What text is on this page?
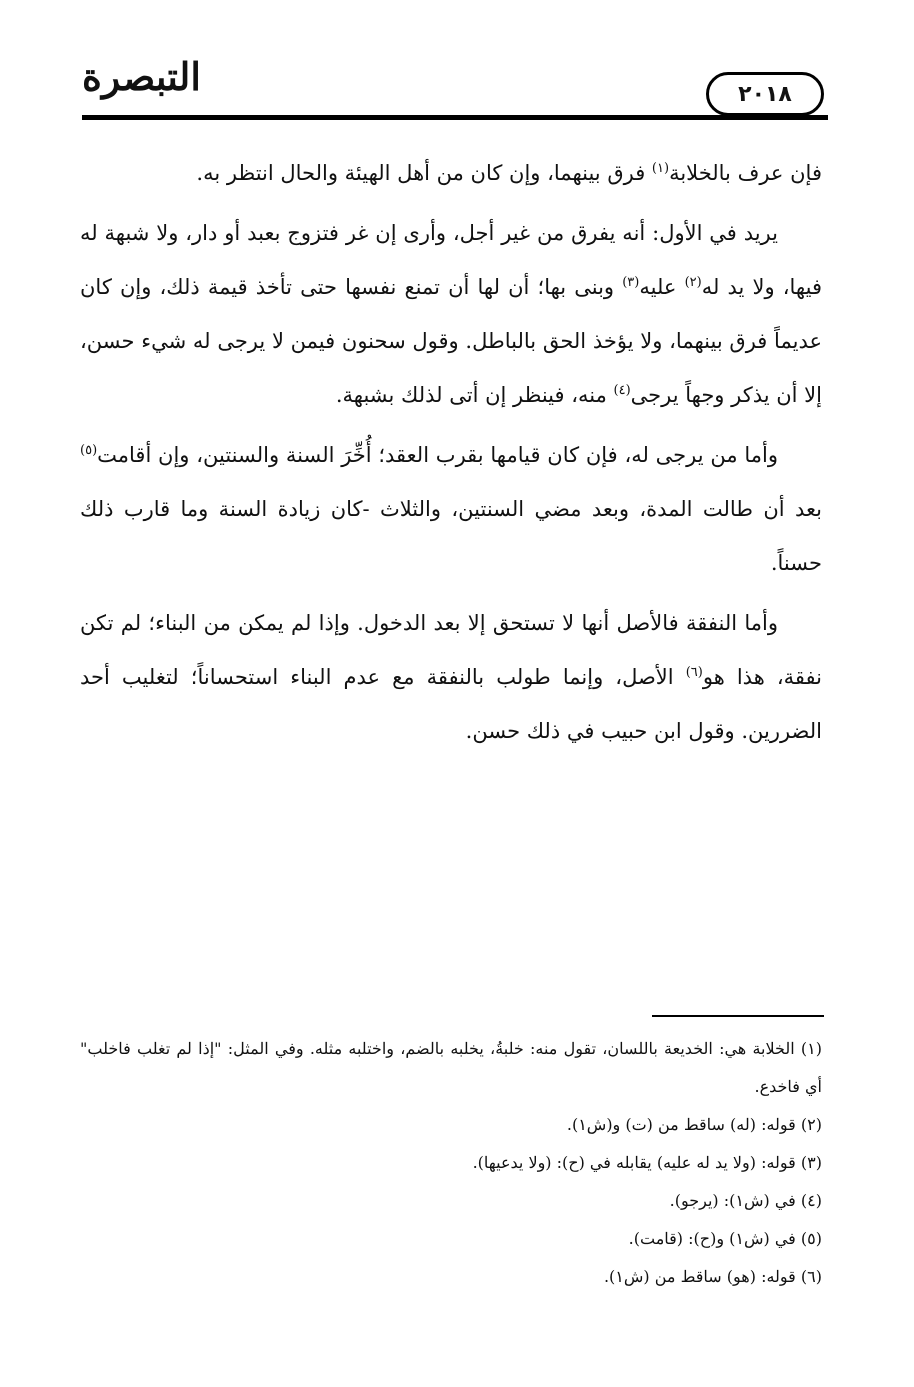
التبصرة	٢٠١٨

فإن عرف بالخلابة$^{(١)}$ فرق بينهما، وإن كان من أهل الهيئة والحال انتظر به.

يريد في الأول: أنه يفرق من غير أجل، وأرى إن غر فتزوج بعبد أو دار، ولا شبهة له فيها، ولا يد له$^{(٢)}$ عليه$^{(٣)}$ وبنى بها؛ أن لها أن تمنع نفسها حتى تأخذ قيمة ذلك، وإن كان عديماً فرق بينهما، ولا يؤخذ الحق بالباطل. وقول سحنون فيمن لا يرجى له شيء حسن، إلا أن يذكر وجهاً يرجى$^{(٤)}$ منه، فينظر إن أتى لذلك بشبهة.

وأما من يرجى له، فإن كان قيامها بقرب العقد؛ أُخِّرَ السنة والسنتين، وإن أقامت$^{(٥)}$ بعد أن طالت المدة، وبعد مضي السنتين، والثلاث -كان زيادة السنة وما قارب ذلك حسناً.

وأما النفقة فالأصل أنها لا تستحق إلا بعد الدخول. وإذا لم يمكن من البناء؛ لم تكن نفقة، هذا هو$^{(٦)}$ الأصل، وإنما طولب بالنفقة مع عدم البناء استحساناً؛ لتغليب أحد الضررين. وقول ابن حبيب في ذلك حسن.

(١) الخلابة هي: الخديعة باللسان، تقول منه: خلبةُ، يخلبه بالضم، واختلبه مثله. وفي المثل: "إذا لم تغلب فاخلب" أي فاخدع.

(٢) قوله: (له) ساقط من (ت) و(ش١).

(٣) قوله: (ولا يد له عليه) يقابله في (ح): (ولا يدعيها).

(٤) في (ش١): (يرجو).

(٥) في (ش١) و(ح): (قامت).

(٦) قوله: (هو) ساقط من (ش١).
